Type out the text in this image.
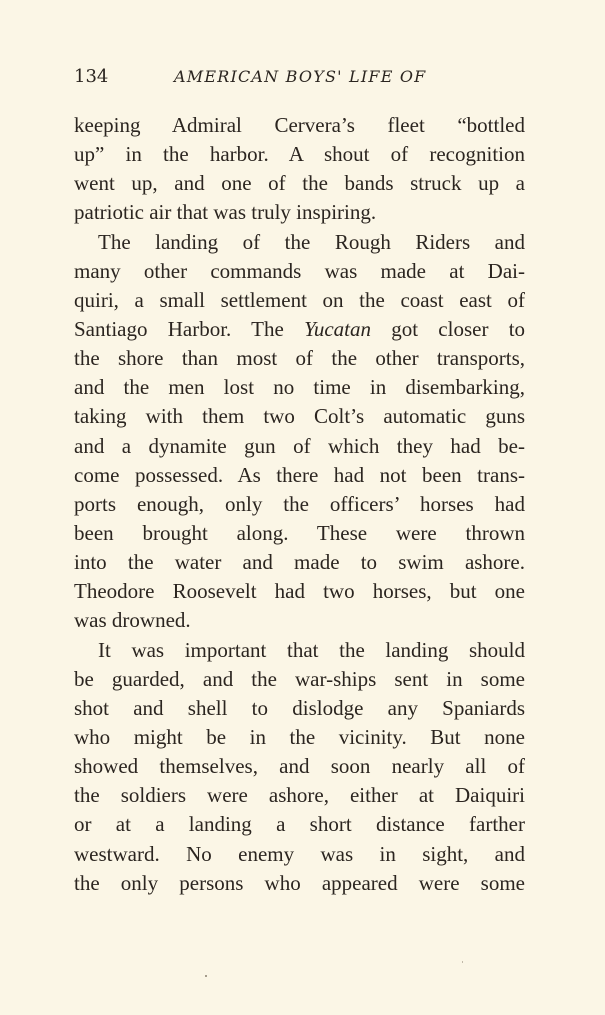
134	AMERICAN BOYS' LIFE OF
keeping Admiral Cervera’s fleet “bottled
up” in the harbor. A shout of recognition
went up, and one of the bands struck up a
patriotic air that was truly inspiring.
The landing of the Rough Riders and
many other commands was made at Dai-
quiri, a small settlement on the coast east of
Santiago Harbor. The Yucatan got closer to
the shore than most of the other transports,
and the men lost no time in disembarking,
taking with them two Colt’s automatic guns
and a dynamite gun of which they had be-
come possessed. As there had not been trans-
ports enough, only the officers’ horses had
been brought along. These were thrown
into the water and made to swim ashore.
Theodore Roosevelt had two horses, but one
was drowned.
It was important that the landing should
be guarded, and the war-ships sent in some
shot and shell to dislodge any Spaniards
who might be in the vicinity. But none
showed themselves, and soon nearly all of
the soldiers were ashore, either at Daiquiri
or at a landing a short distance farther
westward. No enemy was in sight, and
the only persons who appeared were some
